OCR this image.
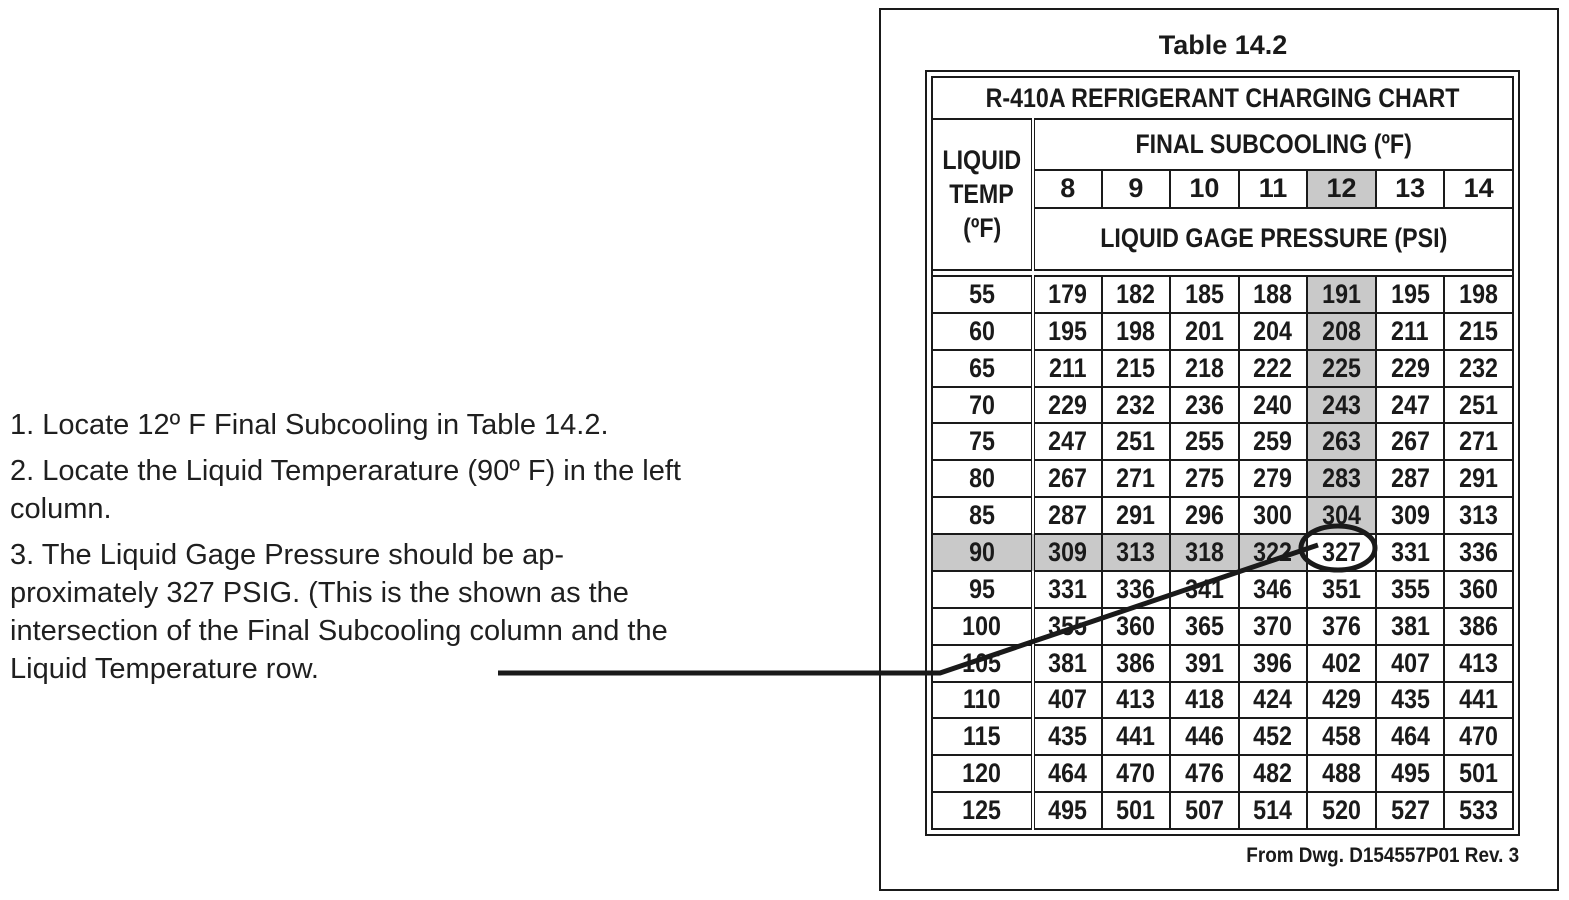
1. Locate 12º F Final Subcooling in Table 14.2.

2. Locate the Liquid Temperarature (90º F) in the left column.

3. The Liquid Gage Pressure should be ap-proximately 327 PSIG. (This is the shown as the intersection of the Final Subcooling column and the Liquid Temperature row.

Table 14.2
R-410A REFRIGERANT CHARGING CHART							
LIQUID
TEMP
(ºF)	FINAL SUBCOOLING (ºF)						
	8	9	10	11	12	13	14
	LIQUID GAGE PRESSURE (PSI)						

55	179	182	185	188	191	195	198
60	195	198	201	204	208	211	215
65	211	215	218	222	225	229	232
70	229	232	236	240	243	247	251
75	247	251	255	259	263	267	271
80	267	271	275	279	283	287	291
85	287	291	296	300	304	309	313
90	309	313	318	322	327	331	336
95	331	336	341	346	351	355	360
100	355	360	365	370	376	381	386
105	381	386	391	396	402	407	413
110	407	413	418	424	429	435	441
115	435	441	446	452	458	464	470
120	464	470	476	482	488	495	501
125	495	501	507	514	520	527	533
From Dwg. D154557P01 Rev. 3
